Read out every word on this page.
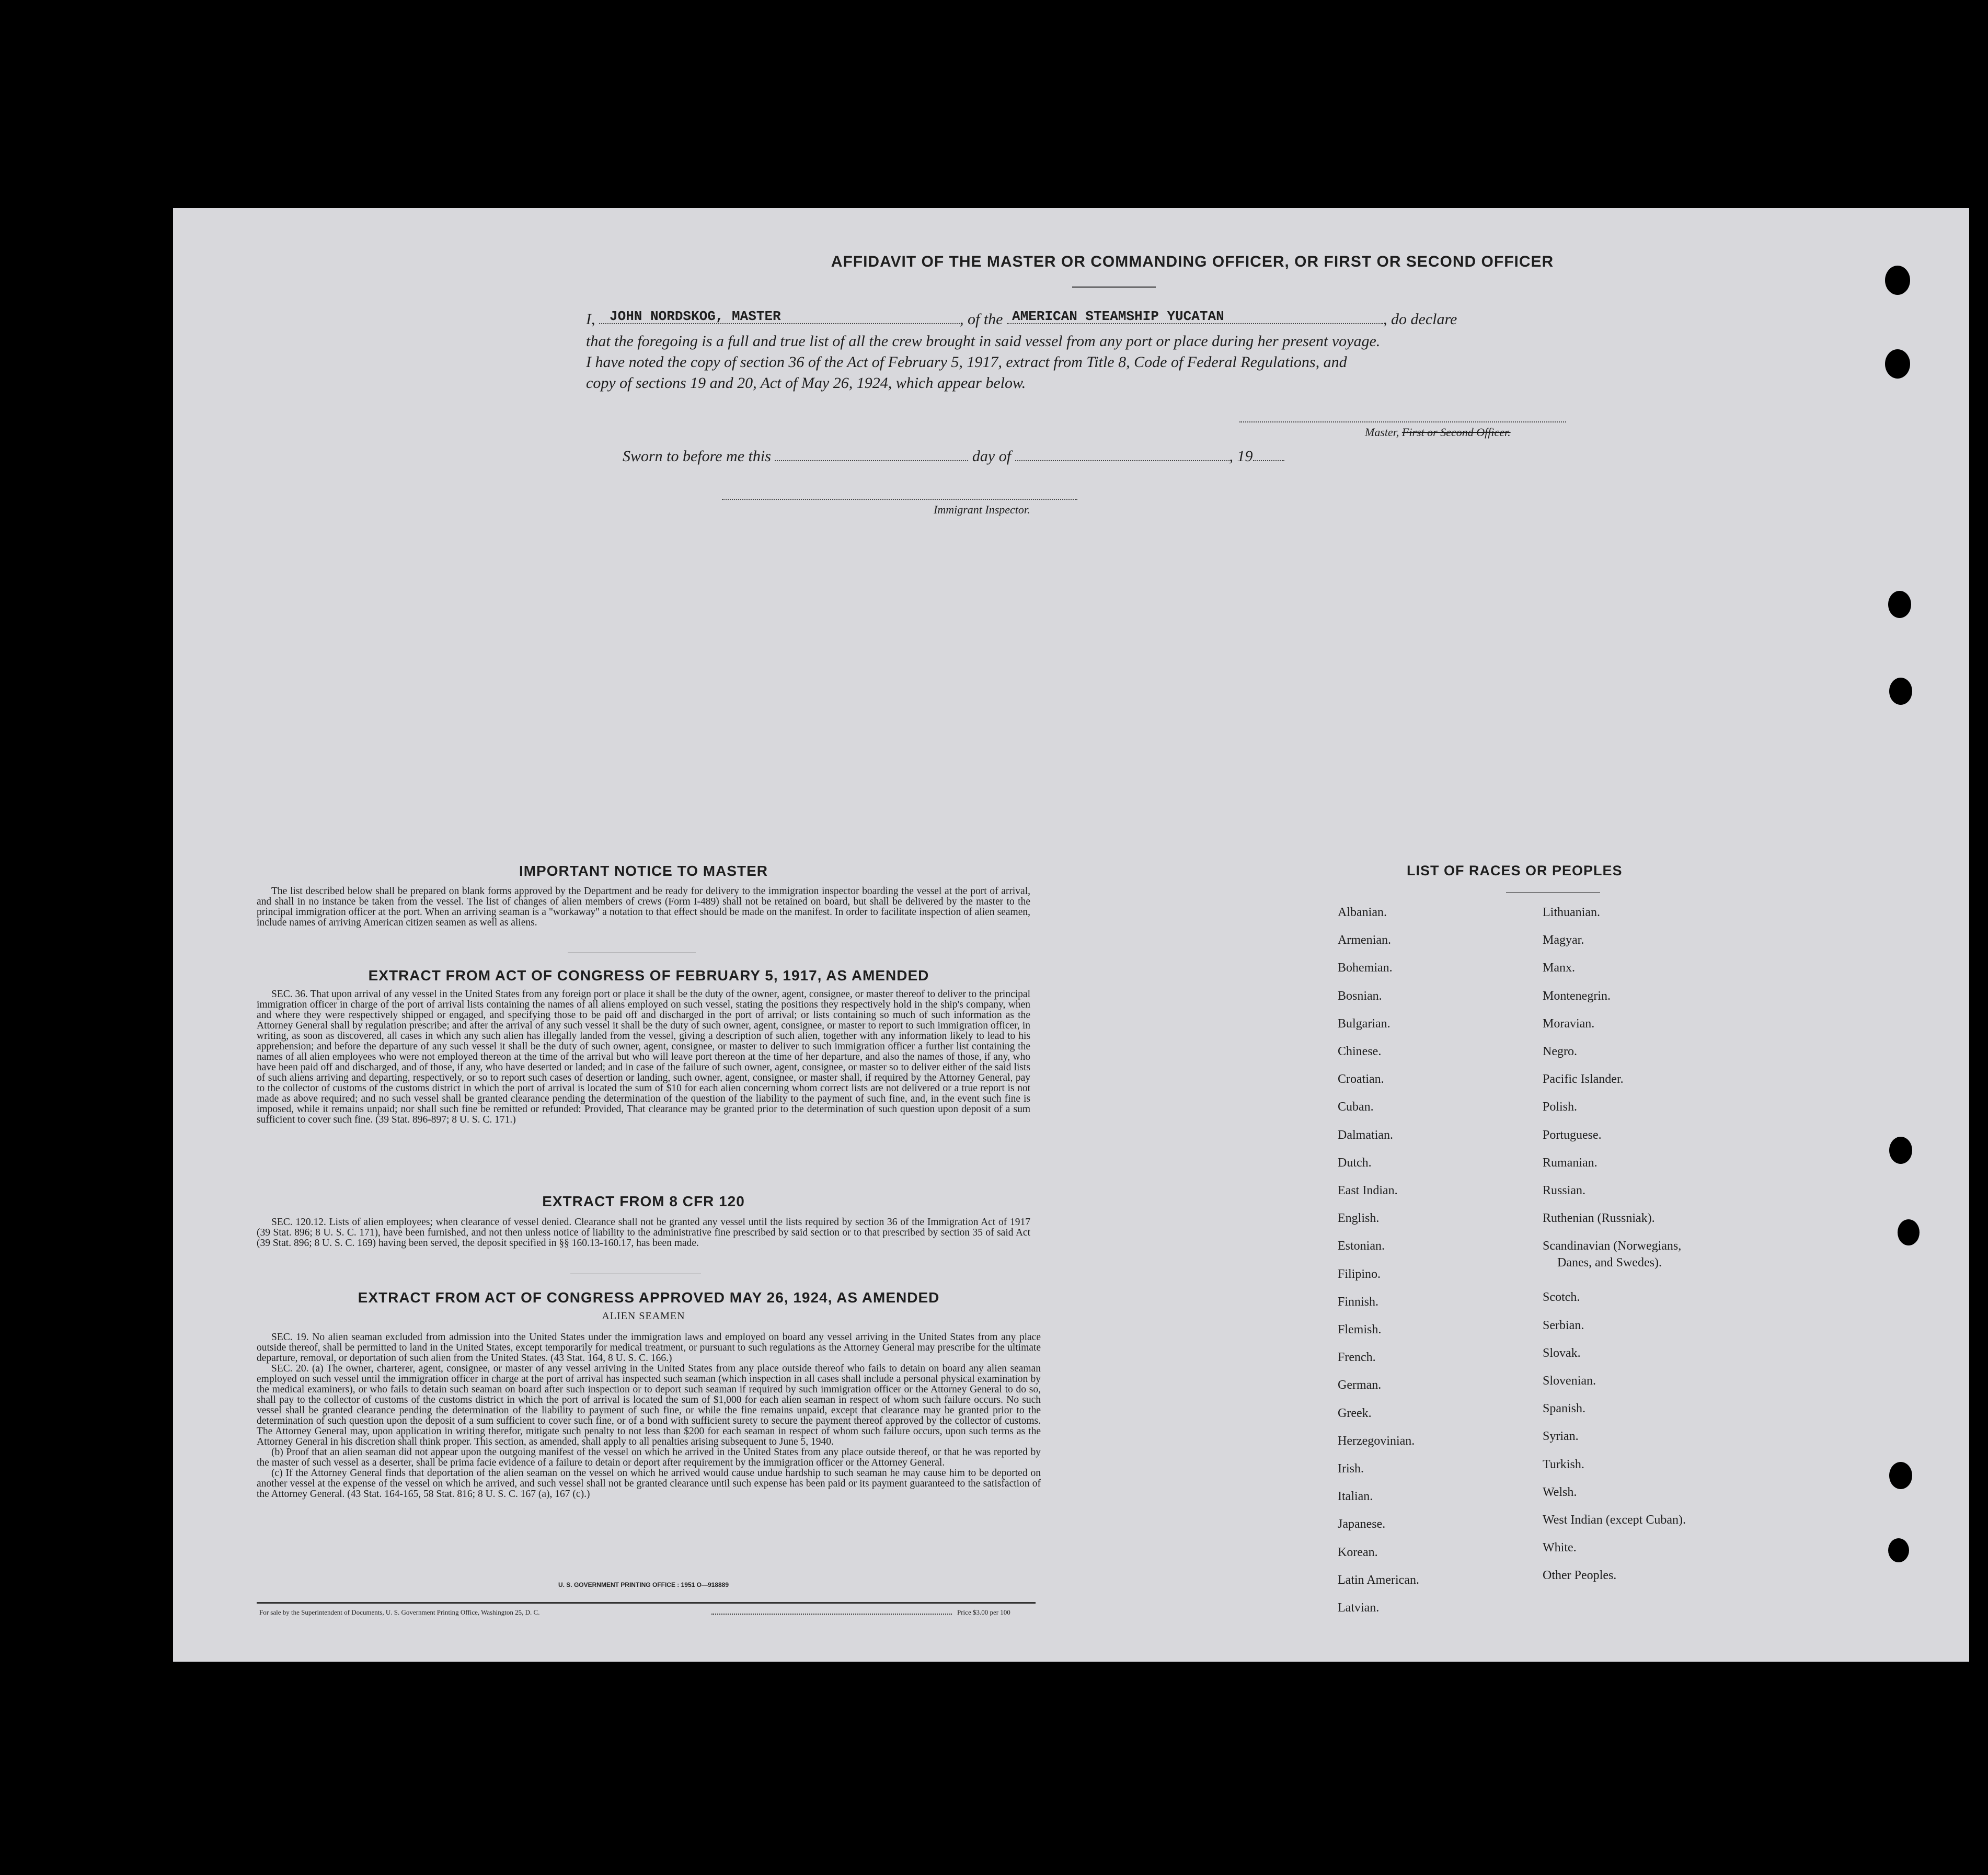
AFFIDAVIT OF THE MASTER OR COMMANDING OFFICER, OR FIRST OR SECOND OFFICER
I, JOHN NORDSKOG, MASTER	, of the AMERICAN STEAMSHIP YUCATAN	, do declare
that the foregoing is a full and true list of all the crew brought in said vessel from any port or place during her present voyage.
I have noted the copy of section 36 of the Act of February 5, 1917, extract from Title 8, Code of Federal Regulations, and
copy of sections 19 and 20, Act of May 26, 1924, which appear below.
Master, First or Second Officer.
Sworn to before me this	day of	, 19
Immigrant Inspector.
IMPORTANT NOTICE TO MASTER

The list described below shall be prepared on blank forms approved by the Department and be ready for delivery to the immigration inspector boarding the vessel at the port of arrival, and shall in no instance be taken from the vessel. The list of changes of alien members of crews (Form I-489) shall not be retained on board, but shall be delivered by the master to the principal immigration officer at the port. When an arriving seaman is a "workaway" a notation to that effect should be made on the manifest. In order to facilitate inspection of alien seamen, include names of arriving American citizen seamen as well as aliens.

EXTRACT FROM ACT OF CONGRESS OF FEBRUARY 5, 1917, AS AMENDED

SEC. 36. That upon arrival of any vessel in the United States from any foreign port or place it shall be the duty of the owner, agent, consignee, or master thereof to deliver to the principal immigration officer in charge of the port of arrival lists containing the names of all aliens employed on such vessel, stating the positions they respectively hold in the ship's company, when and where they were respectively shipped or engaged, and specifying those to be paid off and discharged in the port of arrival; or lists containing so much of such information as the Attorney General shall by regulation prescribe; and after the arrival of any such vessel it shall be the duty of such owner, agent, consignee, or master to report to such immigration officer, in writing, as soon as discovered, all cases in which any such alien has illegally landed from the vessel, giving a description of such alien, together with any information likely to lead to his apprehension; and before the departure of any such vessel it shall be the duty of such owner, agent, consignee, or master to deliver to such immigration officer a further list containing the names of all alien employees who were not employed thereon at the time of the arrival but who will leave port thereon at the time of her departure, and also the names of those, if any, who have been paid off and discharged, and of those, if any, who have deserted or landed; and in case of the failure of such owner, agent, consignee, or master so to deliver either of the said lists of such aliens arriving and departing, respectively, or so to report such cases of desertion or landing, such owner, agent, consignee, or master shall, if required by the Attorney General, pay to the collector of customs of the customs district in which the port of arrival is located the sum of $10 for each alien concerning whom correct lists are not delivered or a true report is not made as above required; and no such vessel shall be granted clearance pending the determination of the question of the liability to the payment of such fine, and, in the event such fine is imposed, while it remains unpaid; nor shall such fine be remitted or refunded: Provided, That clearance may be granted prior to the determination of such question upon deposit of a sum sufficient to cover such fine. (39 Stat. 896-897; 8 U. S. C. 171.)

EXTRACT FROM 8 CFR 120

SEC. 120.12. Lists of alien employees; when clearance of vessel denied. Clearance shall not be granted any vessel until the lists required by section 36 of the Immigration Act of 1917 (39 Stat. 896; 8 U. S. C. 171), have been furnished, and not then unless notice of liability to the administrative fine prescribed by said section or to that prescribed by section 35 of said Act (39 Stat. 896; 8 U. S. C. 169) having been served, the deposit specified in §§ 160.13-160.17, has been made.

EXTRACT FROM ACT OF CONGRESS APPROVED MAY 26, 1924, AS AMENDED
ALIEN SEAMEN

SEC. 19. No alien seaman excluded from admission into the United States under the immigration laws and employed on board any vessel arriving in the United States from any place outside thereof, shall be permitted to land in the United States, except temporarily for medical treatment, or pursuant to such regulations as the Attorney General may prescribe for the ultimate departure, removal, or deportation of such alien from the United States. (43 Stat. 164, 8 U. S. C. 166.)

SEC. 20. (a) The owner, charterer, agent, consignee, or master of any vessel arriving in the United States from any place outside thereof who fails to detain on board any alien seaman employed on such vessel until the immigration officer in charge at the port of arrival has inspected such seaman (which inspection in all cases shall include a personal physical examination by the medical examiners), or who fails to detain such seaman on board after such inspection or to deport such seaman if required by such immigration officer or the Attorney General to do so, shall pay to the collector of customs of the customs district in which the port of arrival is located the sum of $1,000 for each alien seaman in respect of whom such failure occurs. No such vessel shall be granted clearance pending the determination of the liability to payment of such fine, or while the fine remains unpaid, except that clearance may be granted prior to the determination of such question upon the deposit of a sum sufficient to cover such fine, or of a bond with sufficient surety to secure the payment thereof approved by the collector of customs. The Attorney General may, upon application in writing therefor, mitigate such penalty to not less than $200 for each seaman in respect of whom such failure occurs, upon such terms as the Attorney General in his discretion shall think proper. This section, as amended, shall apply to all penalties arising subsequent to June 5, 1940.

(b) Proof that an alien seaman did not appear upon the outgoing manifest of the vessel on which he arrived in the United States from any place outside thereof, or that he was reported by the master of such vessel as a deserter, shall be prima facie evidence of a failure to detain or deport after requirement by the immigration officer or the Attorney General.

(c) If the Attorney General finds that deportation of the alien seaman on the vessel on which he arrived would cause undue hardship to such seaman he may cause him to be deported on another vessel at the expense of the vessel on which he arrived, and such vessel shall not be granted clearance until such expense has been paid or its payment guaranteed to the satisfaction of the Attorney General. (43 Stat. 164-165, 58 Stat. 816; 8 U. S. C. 167 (a), 167 (c).)

U. S. GOVERNMENT PRINTING OFFICE : 1951 O—918889
For sale by the Superintendent of Documents, U. S. Government Printing Office, Washington 25, D. C.	Price $3.00 per 100
LIST OF RACES OR PEOPLES
Albanian.
Armenian.
Bohemian.
Bosnian.
Bulgarian.
Chinese.
Croatian.
Cuban.
Dalmatian.
Dutch.
East Indian.
English.
Estonian.
Filipino.
Finnish.
Flemish.
French.
German.
Greek.
Herzegovinian.
Irish.
Italian.
Japanese.
Korean.
Latin American.
Latvian.
Lithuanian.
Magyar.
Manx.
Montenegrin.
Moravian.
Negro.
Pacific Islander.
Polish.
Portuguese.
Rumanian.
Russian.
Ruthenian (Russniak).
Scandinavian (Norwegians,
Danes, and Swedes).
Scotch.
Serbian.
Slovak.
Slovenian.
Spanish.
Syrian.
Turkish.
Welsh.
West Indian (except Cuban).
White.
Other Peoples.
